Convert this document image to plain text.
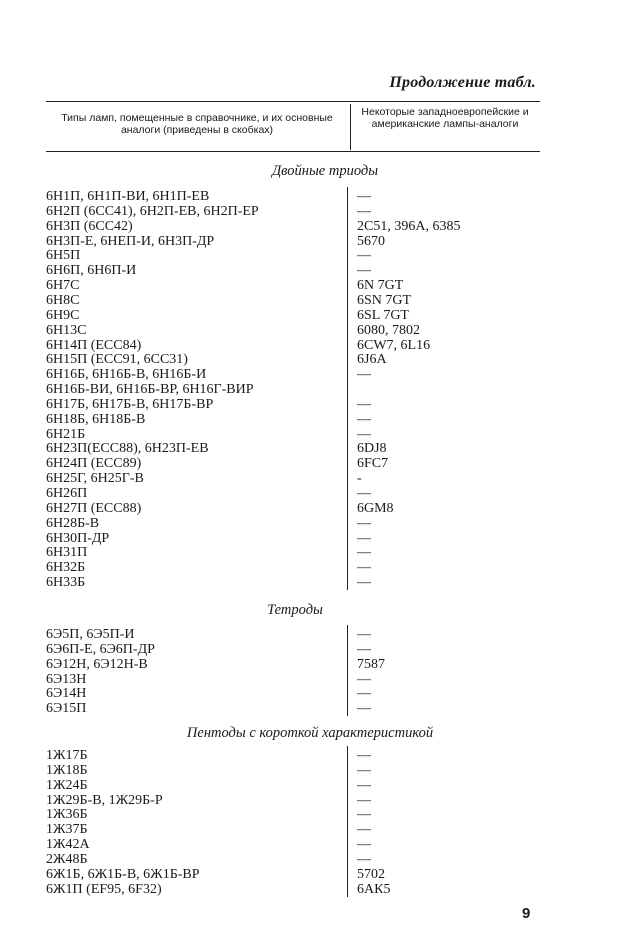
Продолжение табл.
Типы ламп, помещенные в справочнике, и их основные аналоги (приведены в скобках)
Некоторые западноевропейские и американские лампы-аналоги
Двойные триоды
6Н1П, 6Н1П-ВИ, 6Н1П-ЕВ	—
6Н2П (6СС41), 6Н2П-ЕВ, 6Н2П-ЕР	—
6Н3П (6СС42)	2С51, 396А, 6385
6Н3П-Е, 6НЕП-И, 6Н3П-ДР	5670
6Н5П	—
6Н6П, 6Н6П-И	—
6Н7С	6N 7GT
6Н8С	6SN 7GT
6Н9С	6SL 7GT
6Н13С	6080, 7802
6Н14П (ЕСС84)	6CW7, 6L16
6Н15П (ЕСС91, 6СС31)	6J6A
6Н16Б, 6Н16Б-В, 6Н16Б-И	—
6Н16Б-ВИ, 6Н16Б-ВР, 6Н16Г-ВИР
6Н17Б, 6Н17Б-В, 6Н17Б-ВР	—
6Н18Б, 6Н18Б-В	—
6Н21Б	—
6Н23П(ЕСС88), 6Н23П-ЕВ	6DJ8
6Н24П (ЕСС89)	6FC7
6Н25Г, 6Н25Г-В	-
6Н26П	—
6Н27П (ЕСС88)	6GM8
6Н28Б-В	—
6Н30П-ДР	—
6Н31П	—
6Н32Б	—
6Н33Б	—
Тетроды
6Э5П, 6Э5П-И	—
6Э6П-Е, 6Э6П-ДР	—
6Э12Н, 6Э12Н-В	7587
6Э13Н	—
6Э14Н	—
6Э15П	—
Пентоды с короткой характеристикой
1Ж17Б	—
1Ж18Б	—
1Ж24Б	—
1Ж29Б-В, 1Ж29Б-Р	—
1Ж36Б	—
1Ж37Б	—
1Ж42А	—
2Ж48Б	—
6Ж1Б, 6Ж1Б-В, 6Ж1Б-ВР	5702
6Ж1П (EF95, 6F32)	6АК5
9
